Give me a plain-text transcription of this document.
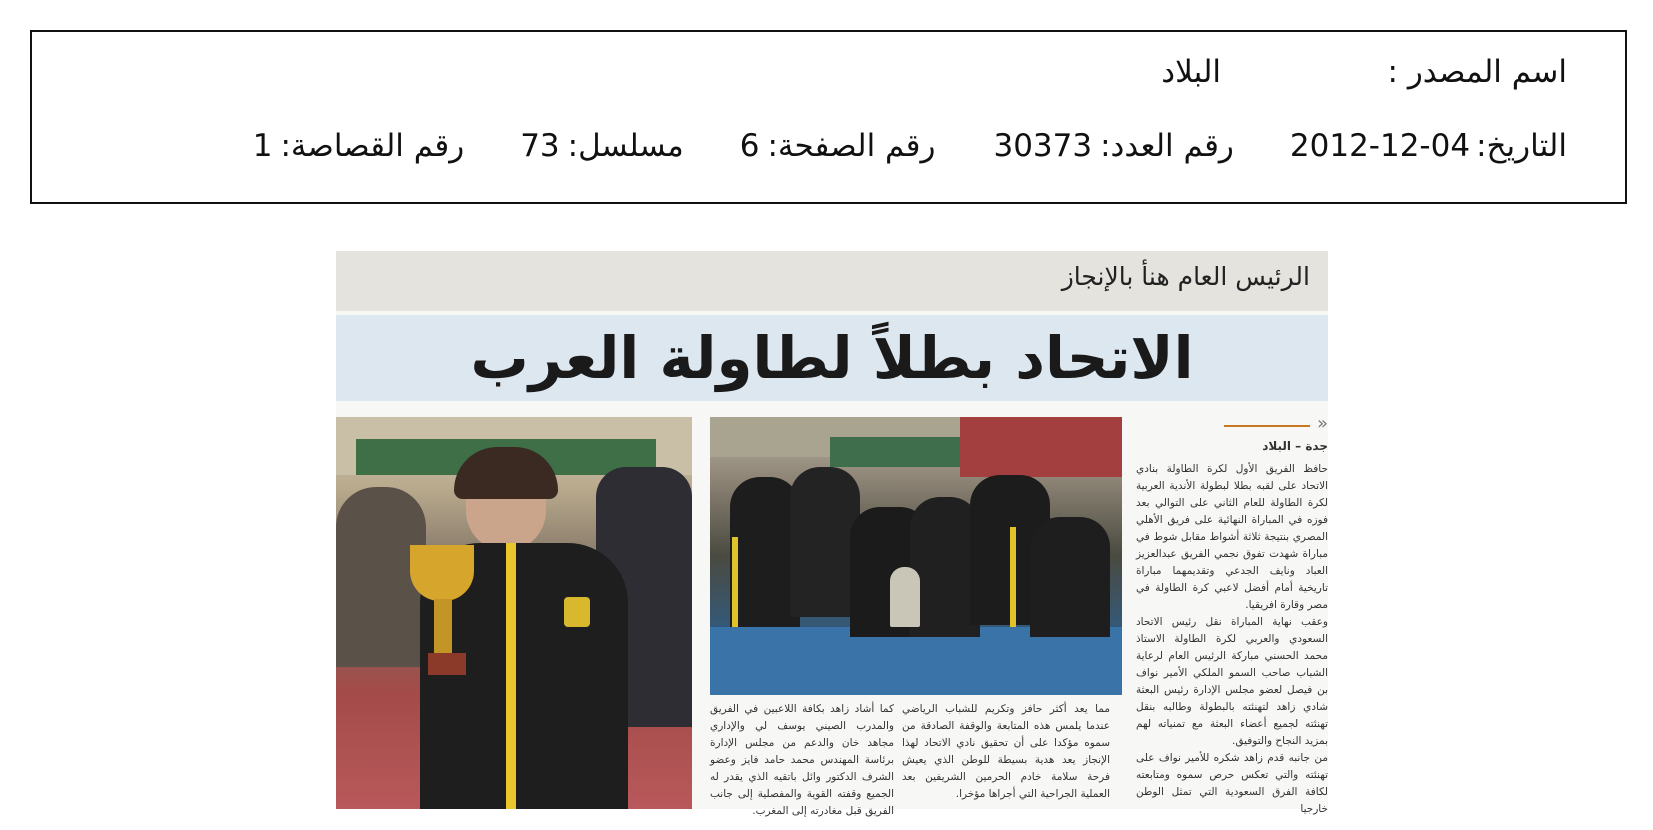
اسم المصدر :
البلاد
التاريخ:
2012-12-04
رقم العدد:
30373
رقم الصفحة:
6
مسلسل:
73
رقم القصاصة:
1
الرئيس العام هنأ بالإنجاز
الاتحاد بطلاً لطاولة العرب
«
جدة – البلاد

حافظ الفريق الأول لكرة الطاولة بنادي الاتحاد على لقبه بطلا لبطولة الأندية العربية لكرة الطاولة للعام الثاني على التوالي بعد فوزه في المباراة النهائية على فريق الأهلي المصري بنتيجة ثلاثة أشواط مقابل شوط في مباراة شهدت تفوق نجمي الفريق عبدالعزيز العباد ونايف الجدعي وتقديمهما مباراة تاريخية أمام أفضل لاعبي كرة الطاولة في مصر وقارة افريقيا.

وعقب نهاية المباراة نقل رئيس الاتحاد السعودي والعربي لكرة الطاولة الاستاذ محمد الحسني مباركة الرئيس العام لرعاية الشباب صاحب السمو الملكي الأمير نواف بن فيصل لعضو مجلس الإدارة رئيس البعثة شادي زاهد لتهنئته بالبطولة وطالبه بنقل تهنئته لجميع أعضاء البعثة مع تمنياته لهم بمزيد النجاح والتوفيق.

من جانبه قدم زاهد شكره للأمير نواف على تهنئته والتي تعكس حرص سموه ومتابعته لكافة الفرق السعودية التي تمثل الوطن خارجيا

مما يعد أكثر حافز وتكريم للشباب الرياضي عندما يلمس هذه المتابعة والوقفة الصادقة من سموه مؤكدا على أن تحقيق نادي الاتحاد لهذا الإنجاز يعد هدية بسيطة للوطن الذي يعيش فرحة سلامة خادم الحرمين الشريفين بعد العملية الجراحية التي أجراها مؤخرا.
كما أشاد زاهد بكافة اللاعبين في الفريق والمدرب الصيني يوسف لي والإداري مجاهد خان والدعم من مجلس الإدارة برئاسة المهندس محمد حامد فايز وعضو الشرف الدكتور وائل باتقيه الذي يقدر له الجميع وقفته القوية والمفصلية إلى جانب الفريق قبل مغادرته إلى المغرب.
